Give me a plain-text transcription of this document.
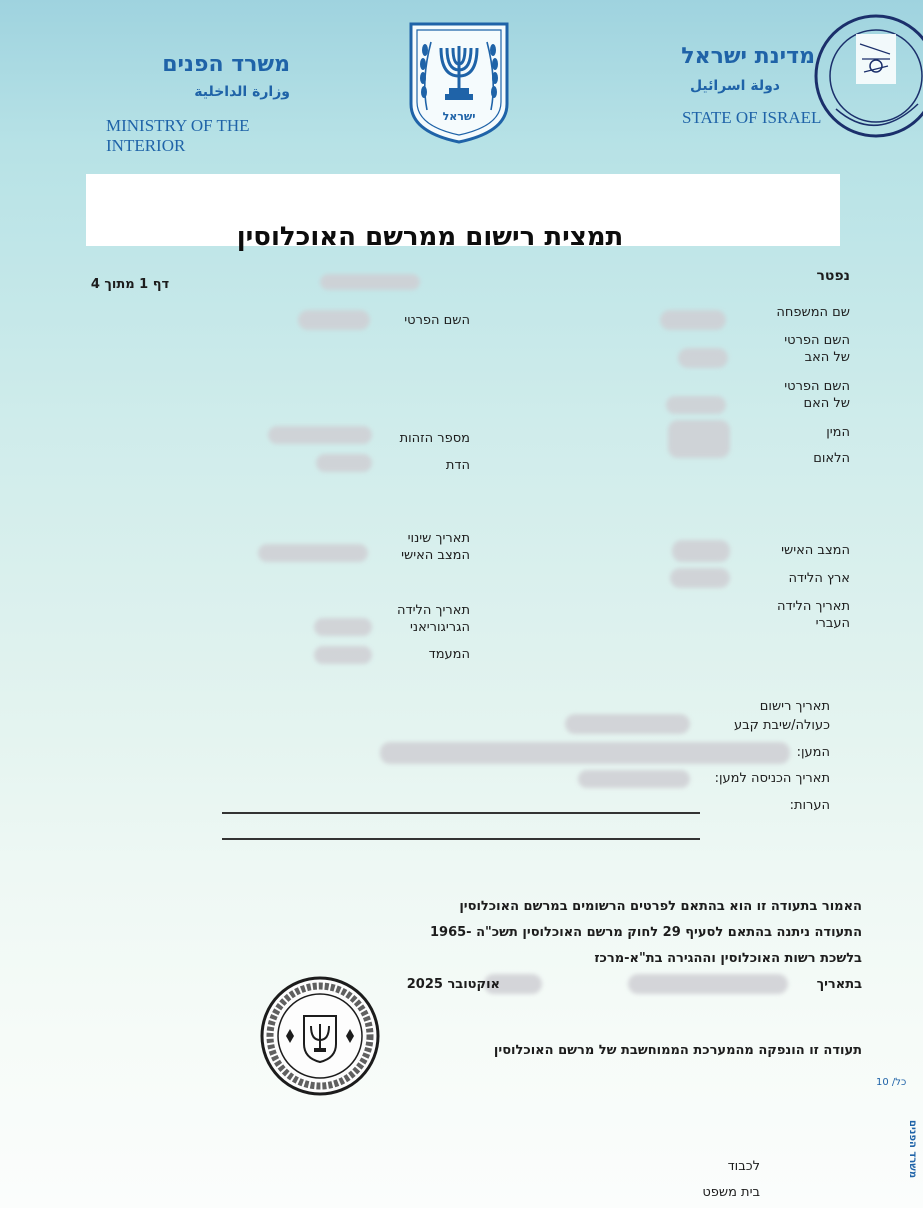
משרד הפנים
وزارة الداخلية
MINISTRY OF THE INTERIOR
ישראל
מדינת ישראל
دولة اسرائيل
STATE OF ISRAEL
תמצית רישום ממרשם האוכלוסין
נפטר
דף 1 מתוך 4
שם המשפחה
השם הפרטי
של האב
השם הפרטי
של האם
המין
הלאום
המצב האישי
ארץ הלידה
תאריך הלידה
העברי
השם הפרטי
מספר הזהות
הדת
תאריך שינוי
המצב האישי
תאריך הלידה
הגריגוריאני
המעמד
תאריך רישום
כעולה/שיבת קבע
המען:
תאריך הכניסה למען:
הערות:
האמור בתעודה זו הוא בהתאם לפרטים הרשומים במרשם האוכלוסין
התעודה ניתנה בהתאם לסעיף 29 לחוק מרשם האוכלוסין תשכ"ה -1965
בלשכת רשות האוכלוסין וההגירה בת"א-מרכז
בתאריך
אוקטובר 2025
תעודה זו הונפקה מהמערכת הממוחשבת של מרשם האוכלוסין
כל/ 10
לכבוד
בית משפט
משרד הפנים
